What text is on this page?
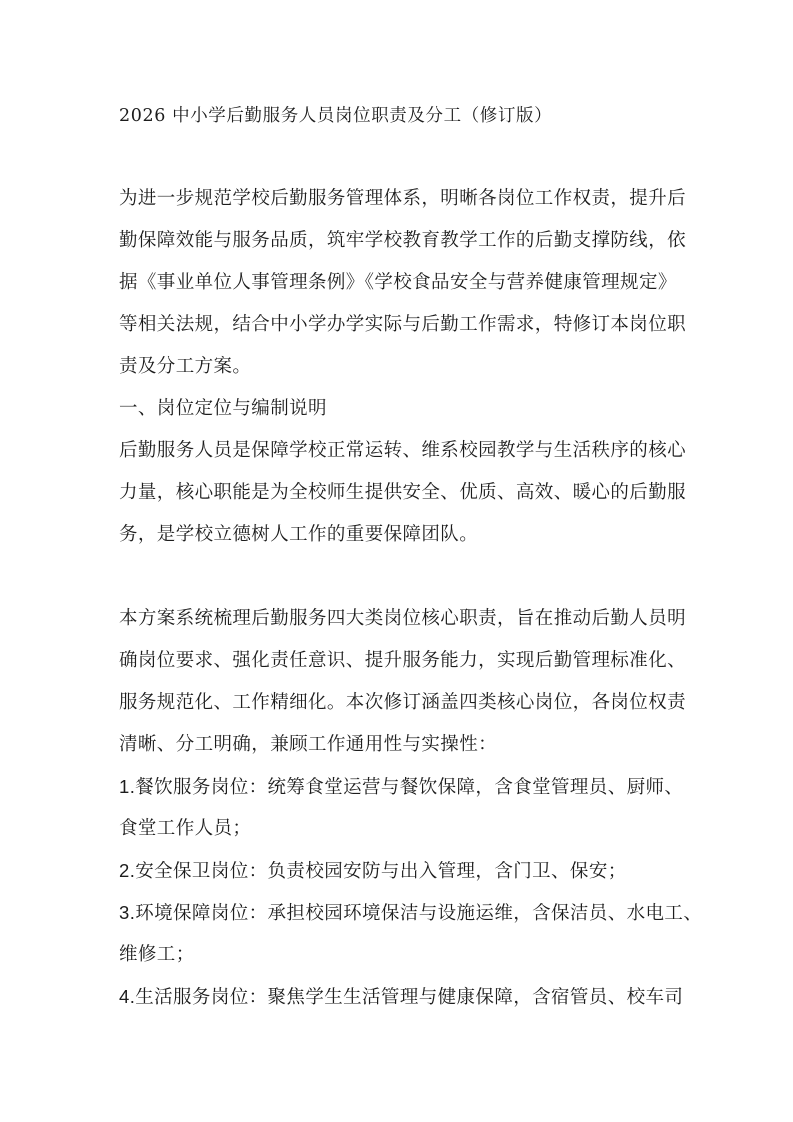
2026 中小学后勤服务人员岗位职责及分工（修订版）
为进一步规范学校后勤服务管理体系，明晰各岗位工作权责，提升后
勤保障效能与服务品质，筑牢学校教育教学工作的后勤支撑防线，依
据《事业单位人事管理条例》《学校食品安全与营养健康管理规定》
等相关法规，结合中小学办学实际与后勤工作需求，特修订本岗位职
责及分工方案。
一、岗位定位与编制说明
后勤服务人员是保障学校正常运转、维系校园教学与生活秩序的核心
力量，核心职能是为全校师生提供安全、优质、高效、暖心的后勤服
务，是学校立德树人工作的重要保障团队。
本方案系统梳理后勤服务四大类岗位核心职责，旨在推动后勤人员明
确岗位要求、强化责任意识、提升服务能力，实现后勤管理标准化、
服务规范化、工作精细化。本次修订涵盖四类核心岗位，各岗位权责
清晰、分工明确，兼顾工作通用性与实操性：
1.餐饮服务岗位：统筹食堂运营与餐饮保障，含食堂管理员、厨师、
食堂工作人员；
2.安全保卫岗位：负责校园安防与出入管理，含门卫、保安；
3.环境保障岗位：承担校园环境保洁与设施运维，含保洁员、水电工、
维修工；
4.生活服务岗位：聚焦学生生活管理与健康保障，含宿管员、校车司
